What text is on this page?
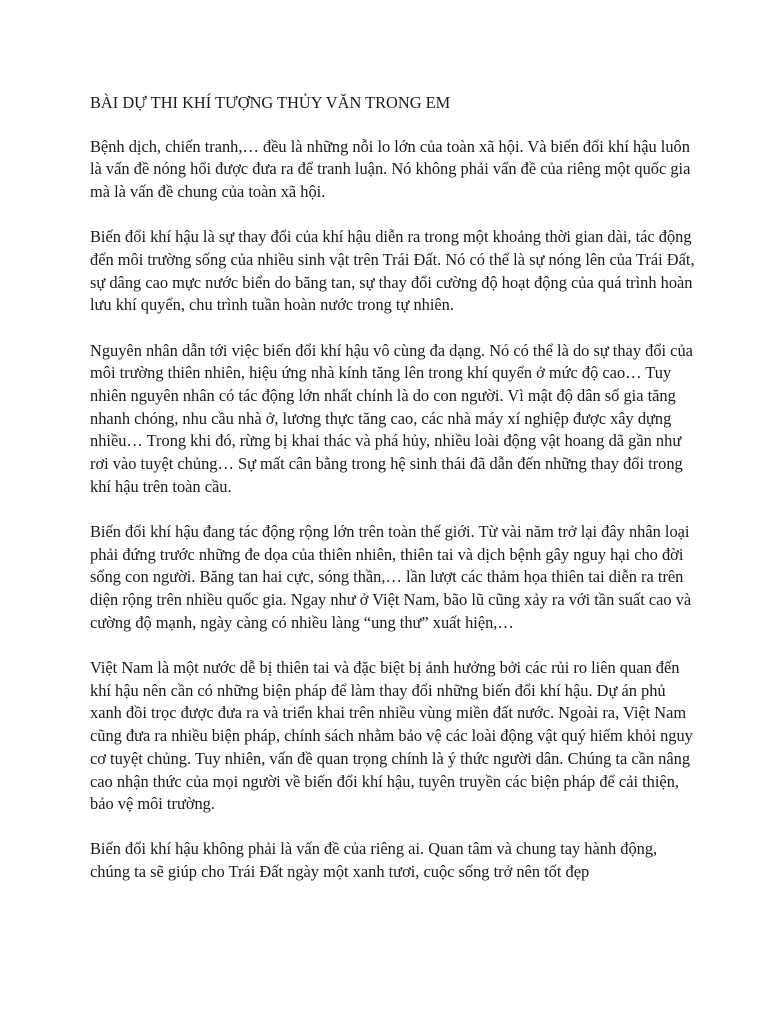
BÀI DỰ THI KHÍ TƯỢNG THỦY VĂN TRONG EM

Bệnh dịch, chiến tranh,… đều là những nỗi lo lớn của toàn xã hội. Và biến đổi khí hậu luôn là vấn đề nóng hổi được đưa ra để tranh luận. Nó không phải vấn đề của riêng một quốc gia mà là vấn đề chung của toàn xã hội.

Biến đổi khí hậu là sự thay đổi của khí hậu diễn ra trong một khoảng thời gian dài, tác động đến môi trường sống của nhiều sinh vật trên Trái Đất. Nó có thể là sự nóng lên của Trái Đất, sự dâng cao mực nước biển do băng tan, sự thay đổi cường độ hoạt động của quá trình hoàn lưu khí quyển, chu trình tuần hoàn nước trong tự nhiên.

Nguyên nhân dẫn tới việc biến đổi khí hậu vô cùng đa dạng. Nó có thể là do sự thay đổi của môi trường thiên nhiên, hiệu ứng nhà kính tăng lên trong khí quyển ở mức độ cao… Tuy nhiên nguyên nhân có tác động lớn nhất chính là do con người. Vì mật độ dân số gia tăng nhanh chóng, nhu cầu nhà ở, lương thực tăng cao, các nhà máy xí nghiệp được xây dựng nhiều… Trong khi đó, rừng bị khai thác và phá hủy, nhiều loài động vật hoang dã gần như rơi vào tuyệt chủng… Sự mất cân bằng trong hệ sinh thái đã dẫn đến những thay đổi trong khí hậu trên toàn cầu.

Biến đổi khí hậu đang tác động rộng lớn trên toàn thế giới. Từ vài năm trở lại đây nhân loại phải đứng trước những đe dọa của thiên nhiên, thiên tai và dịch bệnh gây nguy hại cho đời sống con người. Băng tan hai cực, sóng thần,… lần lượt các thảm họa thiên tai diễn ra trên diện rộng trên nhiều quốc gia. Ngay như ở Việt Nam, bão lũ cũng xảy ra với tần suất cao và cường độ mạnh, ngày càng có nhiều làng “ung thư” xuất hiện,…

Việt Nam là một nước dễ bị thiên tai và đặc biệt bị ảnh hưởng bởi các rủi ro liên quan đến khí hậu nên cần có những biện pháp để làm thay đổi những biến đổi khí hậu. Dự án phủ xanh đồi trọc được đưa ra và triển khai trên nhiều vùng miền đất nước. Ngoài ra, Việt Nam cũng đưa ra nhiều biện pháp, chính sách nhằm bảo vệ các loài động vật quý hiếm khỏi nguy cơ tuyệt chủng. Tuy nhiên, vấn đề quan trọng chính là ý thức người dân. Chúng ta cần nâng cao nhận thức của mọi người về biến đổi khí hậu, tuyên truyền các biện pháp để cải thiện, bảo vệ môi trường.

Biến đổi khí hậu không phải là vấn đề của riêng ai. Quan tâm và chung tay hành động, chúng ta sẽ giúp cho Trái Đất ngày một xanh tươi, cuộc sống trở nên tốt đẹp
